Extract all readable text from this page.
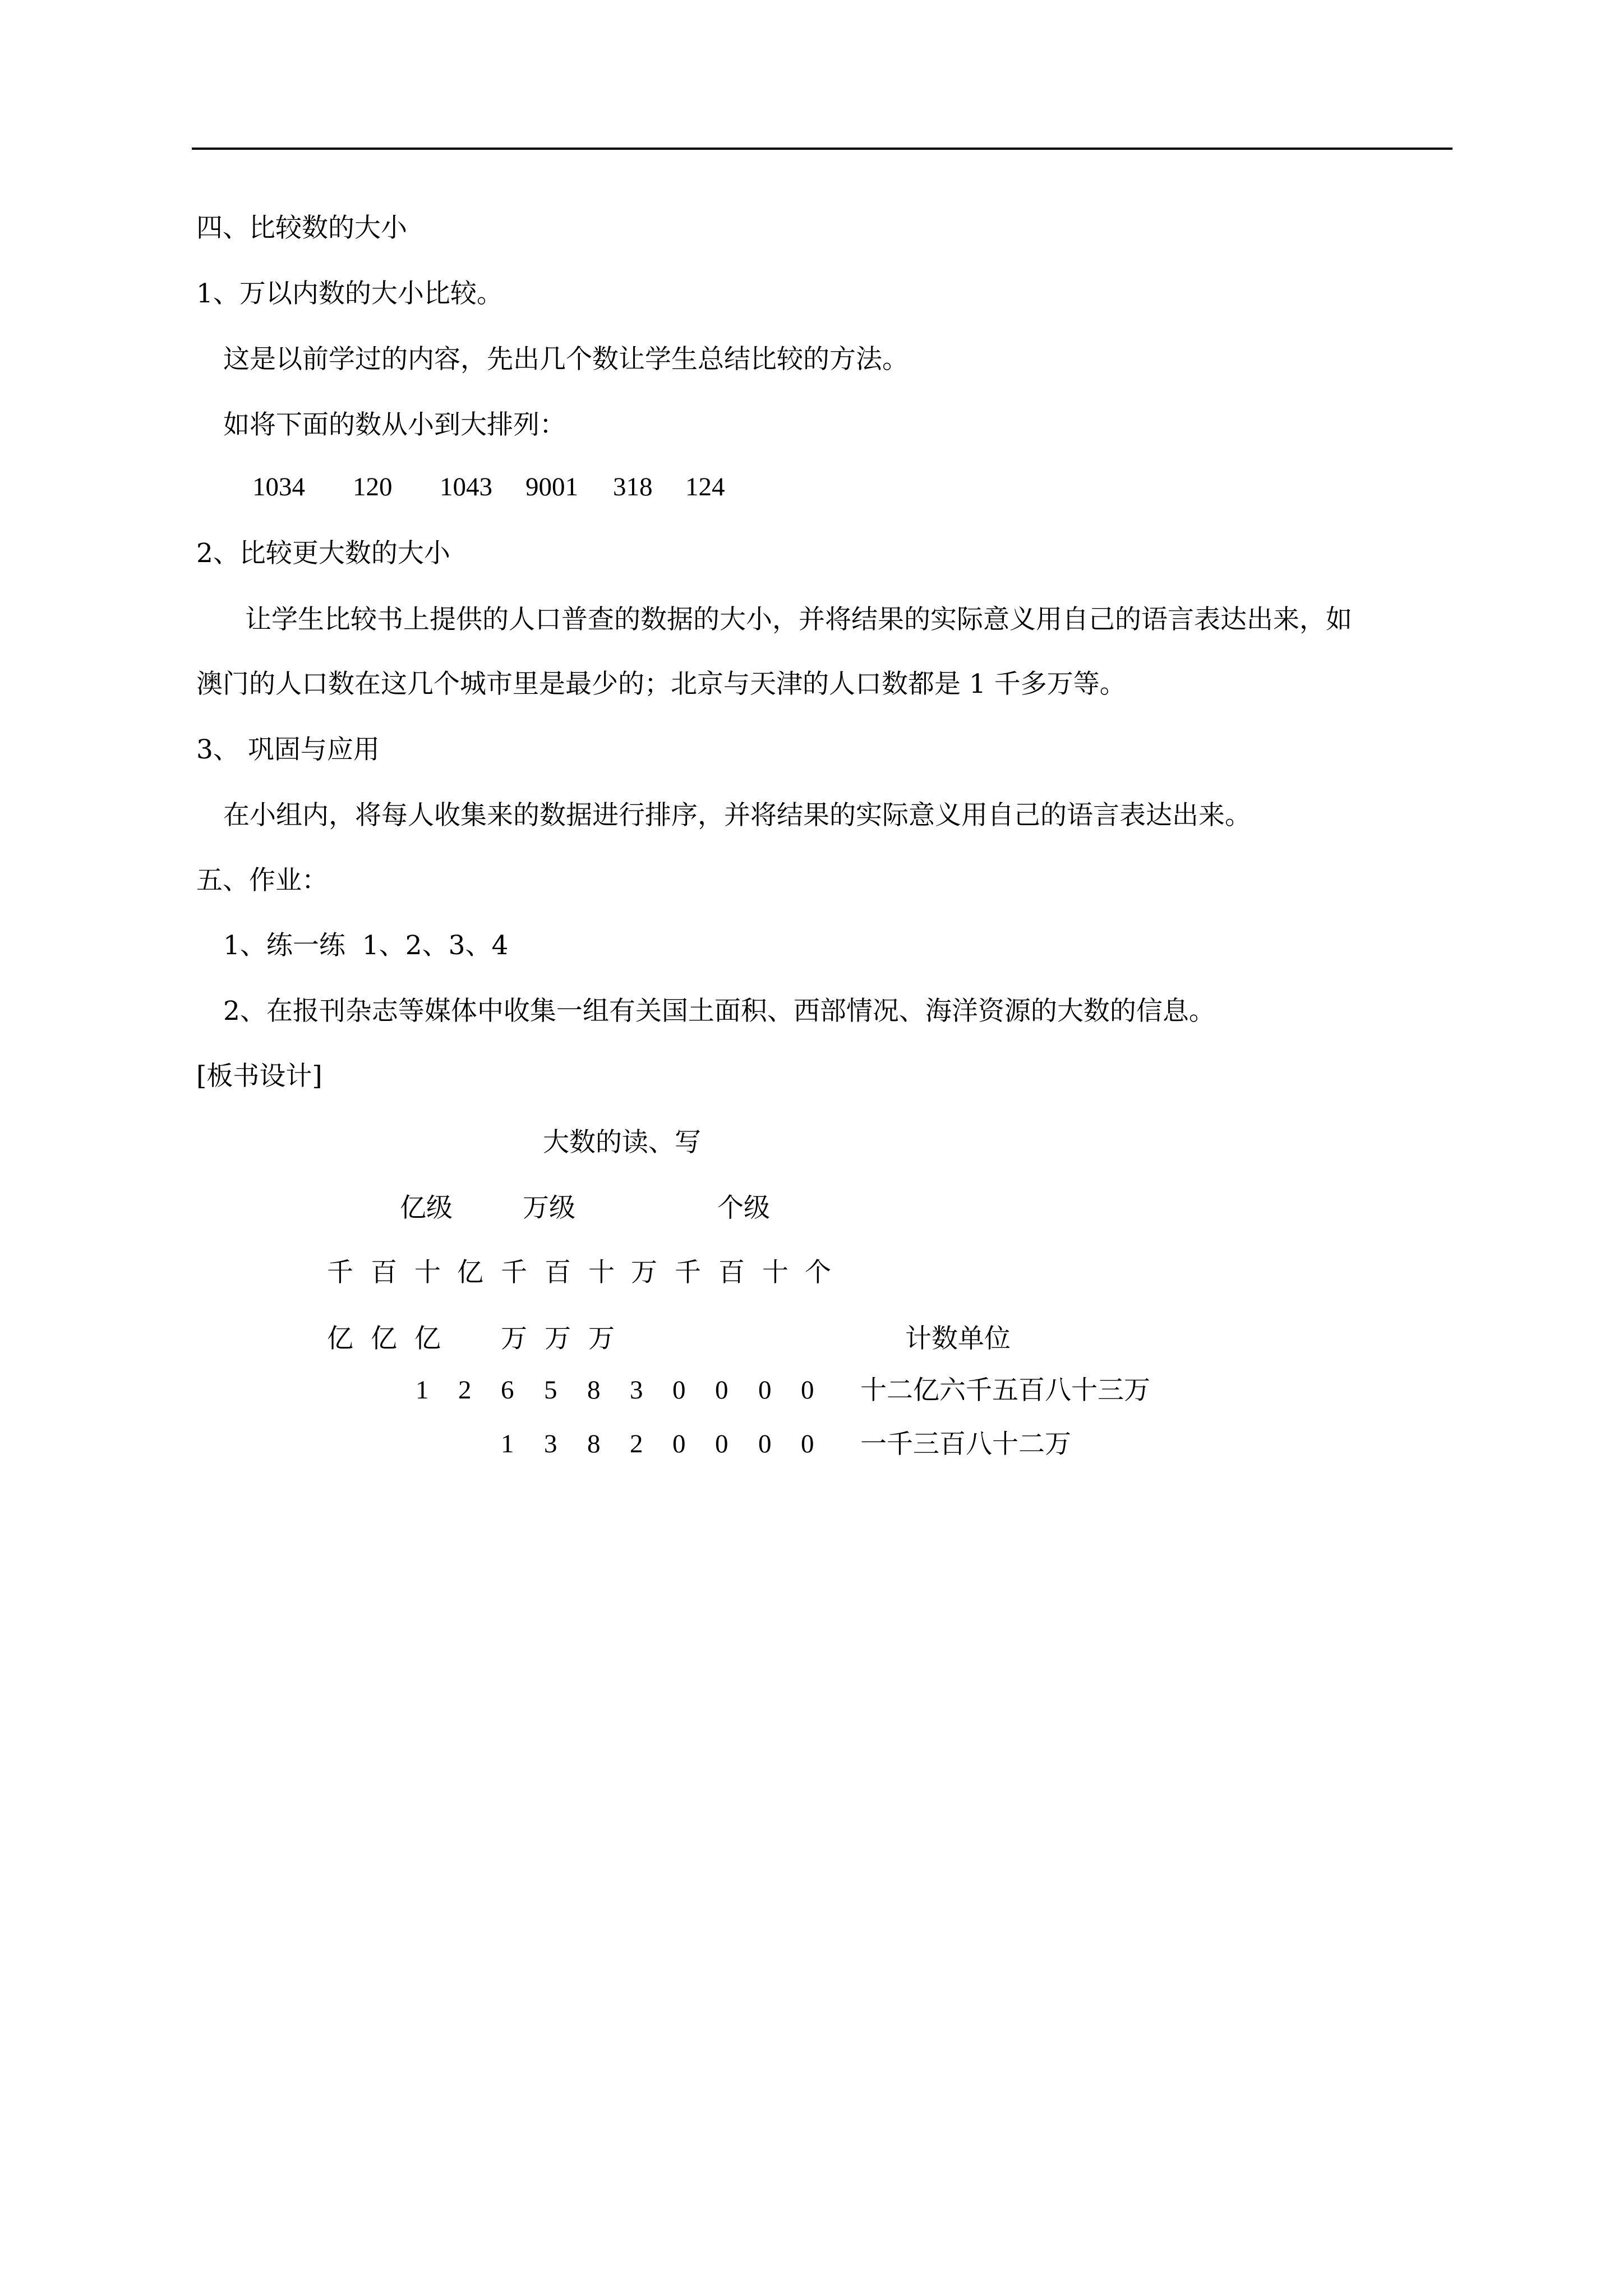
四、比较数的大小
1、万以内数的大小比较。
这是以前学过的内容，先出几个数让学生总结比较的方法。
如将下面的数从小到大排列：
1034 120 1043 9001 318 124
2、比较更大数的大小
让学生比较书上提供的人口普查的数据的大小，并将结果的实际意义用自己的语言表达出来，如
澳门的人口数在这几个城市里是最少的；北京与天津的人口数都是 1 千多万等。
3、 巩固与应用
在小组内，将每人收集来的数据进行排序，并将结果的实际意义用自己的语言表达出来。
五、作业：
1、练一练  1、2、3、4
2、在报刊杂志等媒体中收集一组有关国土面积、西部情况、海洋资源的大数的信息。
[板书设计]
大数的读、写
亿级	万级	个级
千 百 十 亿 千 百 十 万 千 百 十 个
亿 亿 亿 万 万 万	计数单位
1 2 6 5 8 3 0 0 0 0 十二亿六千五百八十三万
1 3 8 2 0 0 0 0 一千三百八十二万
